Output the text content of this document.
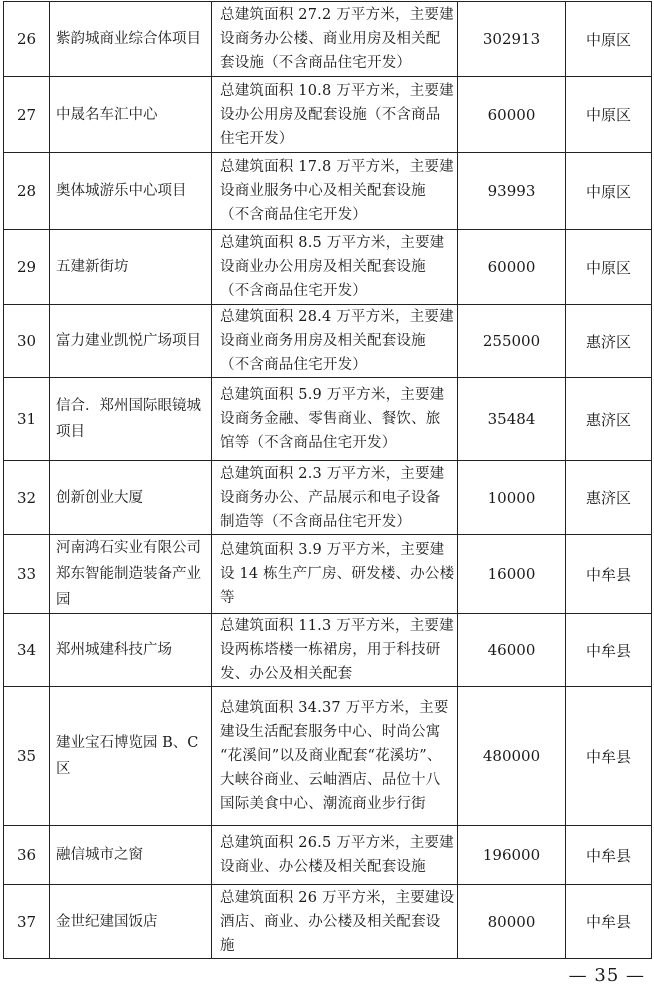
26	紫韵城商业综合体项目	总建筑面积 27.2 万平方米，主要建
设商务办公楼、商业用房及相关配
套设施（不含商品住宅开发）	302913	中原区
27	中晟名车汇中心	总建筑面积 10.8 万平方米，主要建
设办公用房及配套设施（不含商品
住宅开发）	60000	中原区
28	奥体城游乐中心项目	总建筑面积 17.8 万平方米，主要建
设商业服务中心及相关配套设施
（不含商品住宅开发）	93993	中原区
29	五建新街坊	总建筑面积 8.5 万平方米，主要建
设商业办公用房及相关配套设施
（不含商品住宅开发）	60000	中原区
30	富力建业凯悦广场项目	总建筑面积 28.4 万平方米，主要建
设商业商务用房及相关配套设施
（不含商品住宅开发）	255000	惠济区
31	信合．郑州国际眼镜城
项目	总建筑面积 5.9 万平方米，主要建
设商务金融、零售商业、餐饮、旅
馆等（不含商品住宅开发）	35484	惠济区
32	创新创业大厦	总建筑面积 2.3 万平方米，主要建
设商务办公、产品展示和电子设备
制造等（不含商品住宅开发）	10000	惠济区
33	河南鸿石实业有限公司
郑东智能制造装备产业
园	总建筑面积 3.9 万平方米，主要建
设 14 栋生产厂房、研发楼、办公楼
等	16000	中牟县
34	郑州城建科技广场	总建筑面积 11.3 万平方米，主要建
设两栋塔楼一栋裙房，用于科技研
发、办公及相关配套	46000	中牟县
35	建业宝石博览园 B、C
区	总建筑面积 34.37 万平方米，主要
建设生活配套服务中心、时尚公寓
“花溪间”以及商业配套“花溪坊”、
大峡谷商业、云岫酒店、品位十八
国际美食中心、潮流商业步行街	480000	中牟县
36	融信城市之窗	总建筑面积 26.5 万平方米，主要建
设商业、办公楼及相关配套设施	196000	中牟县
37	金世纪建国饭店	总建筑面积 26 万平方米，主要建设
酒店、商业、办公楼及相关配套设
施	80000	中牟县
— 35 —
